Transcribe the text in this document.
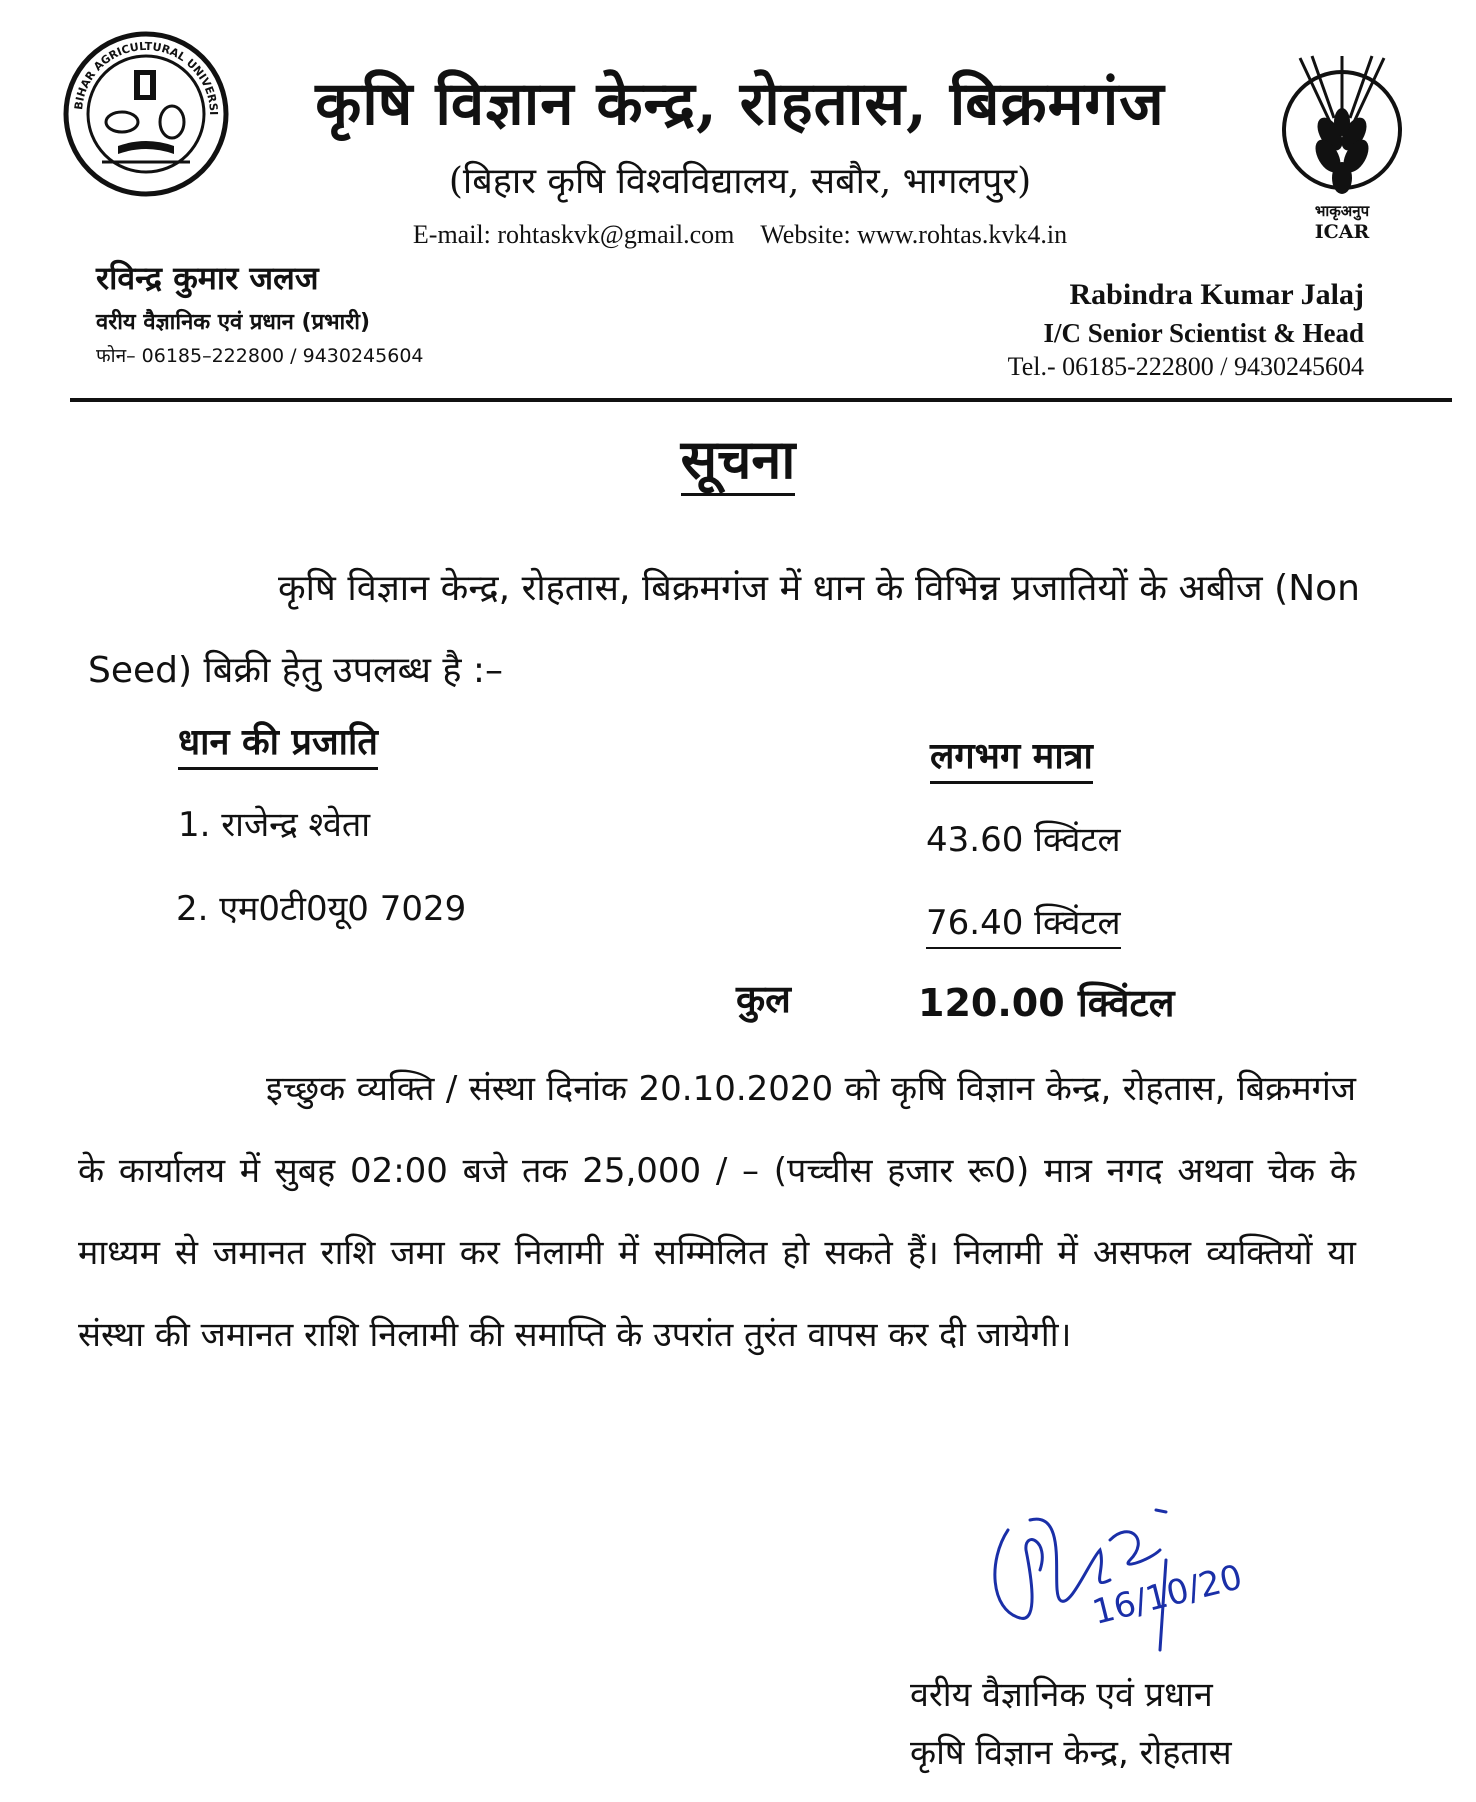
BIHAR AGRICULTURAL UNIVERSI
भाकृअनुप
ICAR
कृषि विज्ञान केन्द्र, रोहतास, बिक्रमगंज
(बिहार कृषि विश्वविद्यालय, सबौर, भागलपुर)
E-mail: rohtaskvk@gmail.com Website: www.rohtas.kvk4.in
रविन्द्र कुमार जलज
वरीय वैज्ञानिक एवं प्रधान (प्रभारी)
फोन– 06185–222800 / 9430245604
Rabindra Kumar Jalaj
I/C Senior Scientist & Head
Tel.- 06185-222800 / 9430245604
सूचना
कृषि विज्ञान केन्द्र, रोहतास, बिक्रमगंज में धान के विभिन्न प्रजातियों के अबीज (Non Seed) बिक्री हेतु उपलब्ध है :–
धान की प्रजाति	लगभग मात्रा
1. राजेन्द्र श्वेता	43.60 क्विंटल
2. एम0टी0यू0 7029	76.40 क्विंटल
कुल	120.00 क्विंटल
इच्छुक व्यक्ति / संस्था दिनांक 20.10.2020 को कृषि विज्ञान केन्द्र, रोहतास, बिक्रमगंज के कार्यालय में सुबह 02:00 बजे तक 25,000 / – (पच्चीस हजार रू0) मात्र नगद अथवा चेक के माध्यम से जमानत राशि जमा कर निलामी में सम्मिलित हो सकते हैं। निलामी में असफल व्यक्तियों या संस्था की जमानत राशि निलामी की समाप्ति के उपरांत तुरंत वापस कर दी जायेगी।
16/10/20
वरीय वैज्ञानिक एवं प्रधान
कृषि विज्ञान केन्द्र, रोहतास
